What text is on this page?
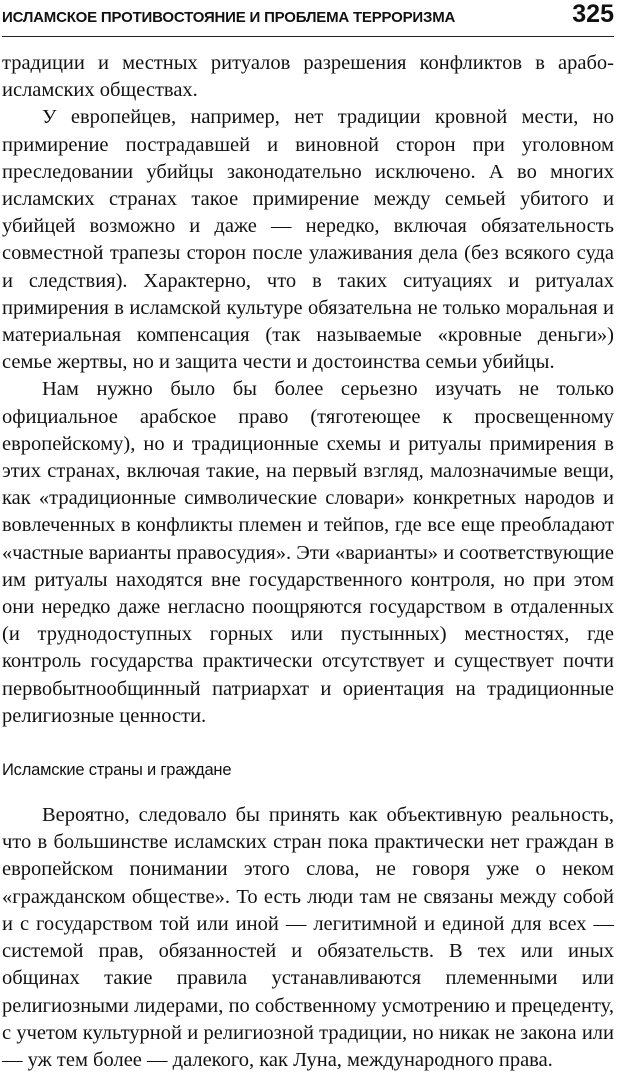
ИСЛАМСКОЕ ПРОТИВОСТОЯНИЕ И ПРОБЛЕМА ТЕРРОРИЗМА	325

традиции и местных ритуалов разрешения конфликтов в арабо-исламских обществах.

У европейцев, например, нет традиции кровной мести, но примирение пострадавшей и виновной сторон при уголовном преследовании убийцы законодательно исключено. А во многих исламских странах такое примирение между семьей убитого и убийцей возможно и даже — нередко, включая обязательность совместной трапезы сторон после улаживания дела (без всякого суда и следствия). Характерно, что в таких ситуациях и ритуалах примирения в исламской культуре обязательна не только моральная и материальная компенсация (так называемые «кровные деньги») семье жертвы, но и защита чести и достоинства семьи убийцы.

Нам нужно было бы более серьезно изучать не только официальное арабское право (тяготеющее к просвещенному европейскому), но и традиционные схемы и ритуалы примирения в этих странах, включая такие, на первый взгляд, малозначимые вещи, как «традиционные символические словари» конкретных народов и вовлеченных в конфликты племен и тейпов, где все еще преобладают «частные варианты правосудия». Эти «варианты» и соответствующие им ритуалы находятся вне государственного контроля, но при этом они нередко даже негласно поощряются государством в отдаленных (и труднодоступных горных или пустынных) местностях, где контроль государства практически отсутствует и существует почти первобытнообщинный патриархат и ориентация на традиционные религиозные ценности.

Исламские страны и граждане

Вероятно, следовало бы принять как объективную реальность, что в большинстве исламских стран пока практически нет граждан в европейском понимании этого слова, не говоря уже о неком «гражданском обществе». То есть люди там не связаны между собой и с государством той или иной — легитимной и единой для всех — системой прав, обязанностей и обязательств. В тех или иных общинах такие правила устанавливаются племенными или религиозными лидерами, по собственному усмотрению и прецеденту, с учетом культурной и религиозной традиции, но никак не закона или — уж тем более — далекого, как Луна, международного права.
